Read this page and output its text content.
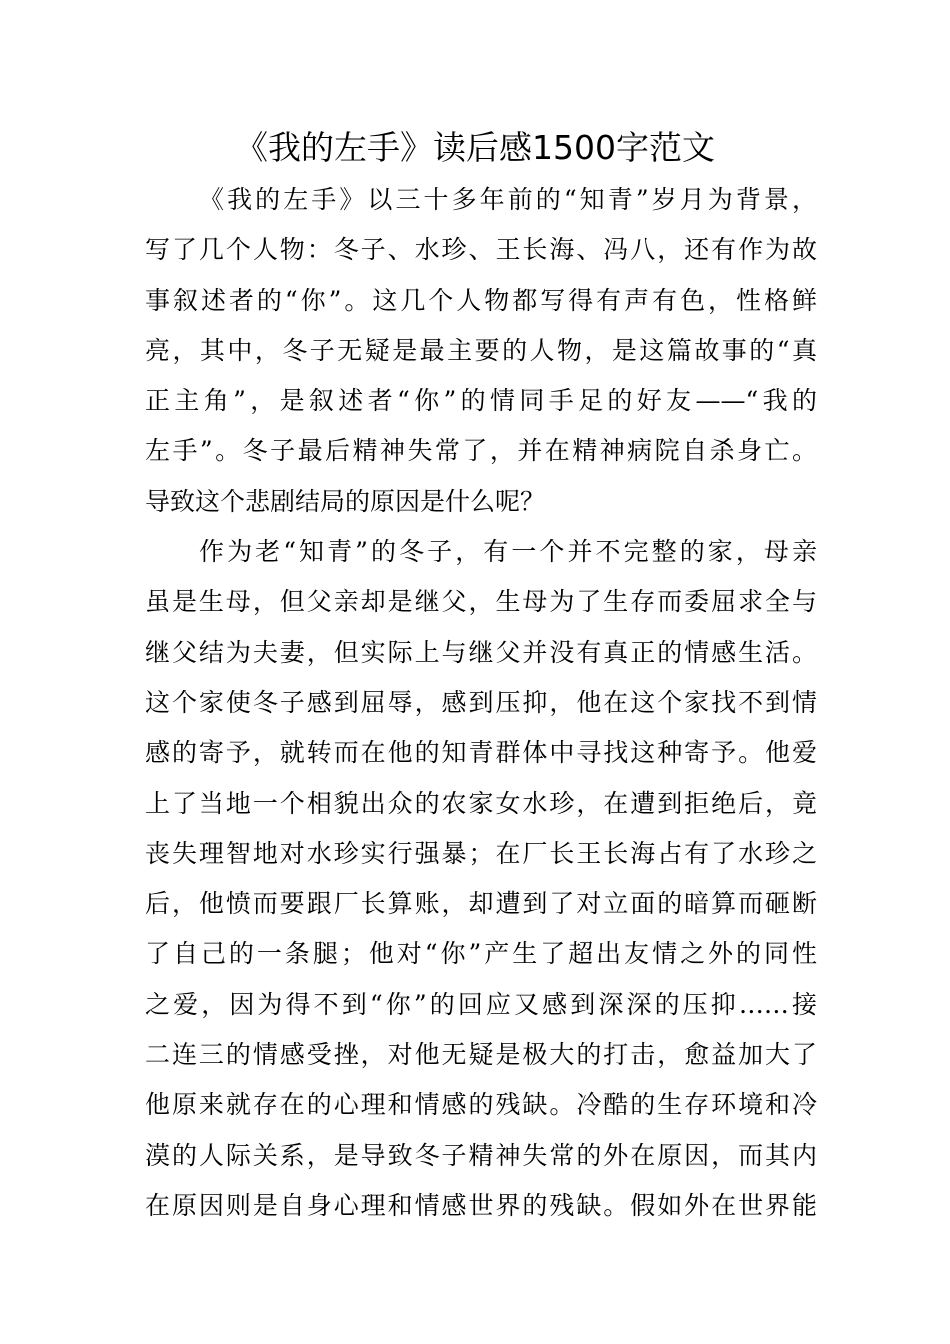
《我的左手》读后感1500字范文
《我的左手》以三十多年前的“知青”岁月为背景，
写了几个人物：冬子、水珍、王长海、冯八，还有作为故
事叙述者的“你”。这几个人物都写得有声有色，性格鲜
亮，其中，冬子无疑是最主要的人物，是这篇故事的“真
正主角”，是叙述者“你”的情同手足的好友——“我的
左手”。冬子最后精神失常了，并在精神病院自杀身亡。
导致这个悲剧结局的原因是什么呢？
作为老“知青”的冬子，有一个并不完整的家，母亲
虽是生母，但父亲却是继父，生母为了生存而委屈求全与
继父结为夫妻，但实际上与继父并没有真正的情感生活。
这个家使冬子感到屈辱，感到压抑，他在这个家找不到情
感的寄予，就转而在他的知青群体中寻找这种寄予。他爱
上了当地一个相貌出众的农家女水珍，在遭到拒绝后，竟
丧失理智地对水珍实行强暴；在厂长王长海占有了水珍之
后，他愤而要跟厂长算账，却遭到了对立面的暗算而砸断
了自己的一条腿；他对“你”产生了超出友情之外的同性
之爱，因为得不到“你”的回应又感到深深的压抑……接
二连三的情感受挫，对他无疑是极大的打击，愈益加大了
他原来就存在的心理和情感的残缺。冷酷的生存环境和冷
漠的人际关系，是导致冬子精神失常的外在原因，而其内
在原因则是自身心理和情感世界的残缺。假如外在世界能
